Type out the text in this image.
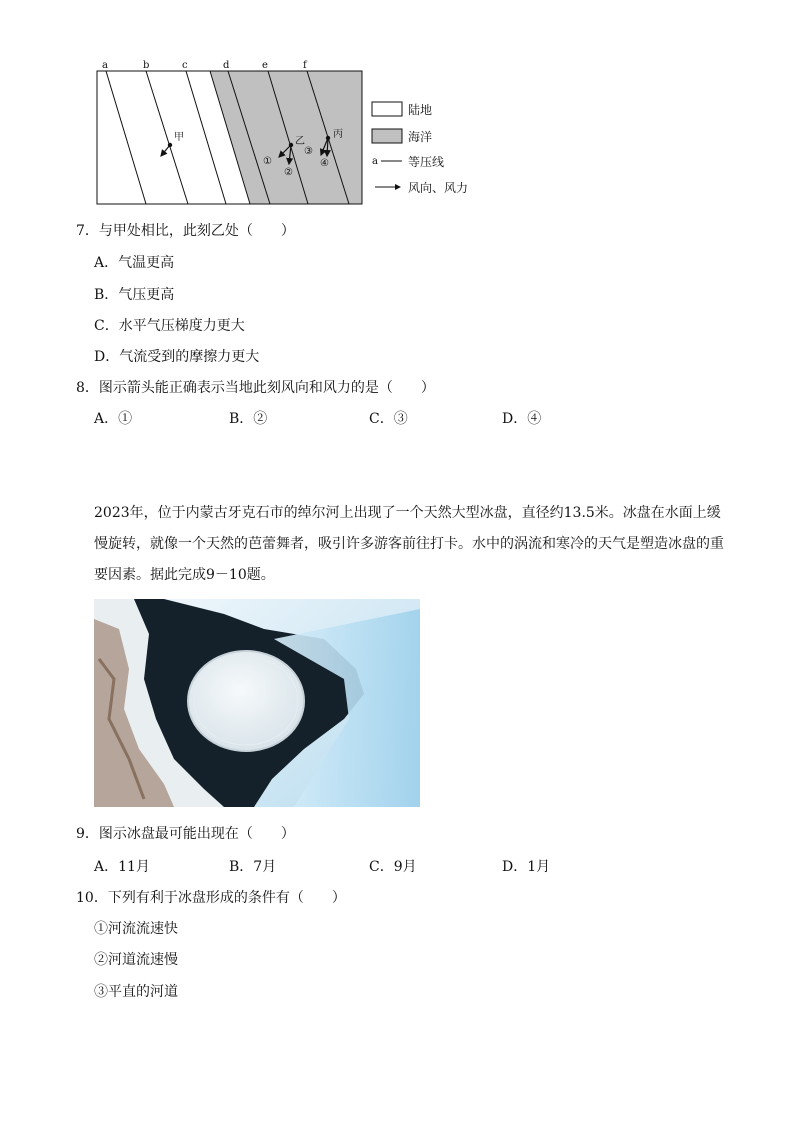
a	b	c	d	e	f
甲	乙
①
②
丙
③
④	a
陆地
海洋
等压线
风向、风力
7．与甲处相比，此刻乙处（　　）
A．气温更高
B．气压更高
C．水平气压梯度力更大
D．气流受到的摩擦力更大
8．图示箭头能正确表示当地此刻风向和风力的是（　　）
A．①	B．②	C．③	D．④
2023年，位于内蒙古牙克石市的绰尔河上出现了一个天然大型冰盘，直径约13.5米。冰盘在水面上缓慢旋转，就像一个天然的芭蕾舞者，吸引许多游客前往打卡。水中的涡流和寒冷的天气是塑造冰盘的重要因素。据此完成9－10题。
9．图示冰盘最可能出现在（　　）
A．11月	B．7月	C．9月	D．1月
10．下列有利于冰盘形成的条件有（　　）
①河流流速快
②河道流速慢
③平直的河道
